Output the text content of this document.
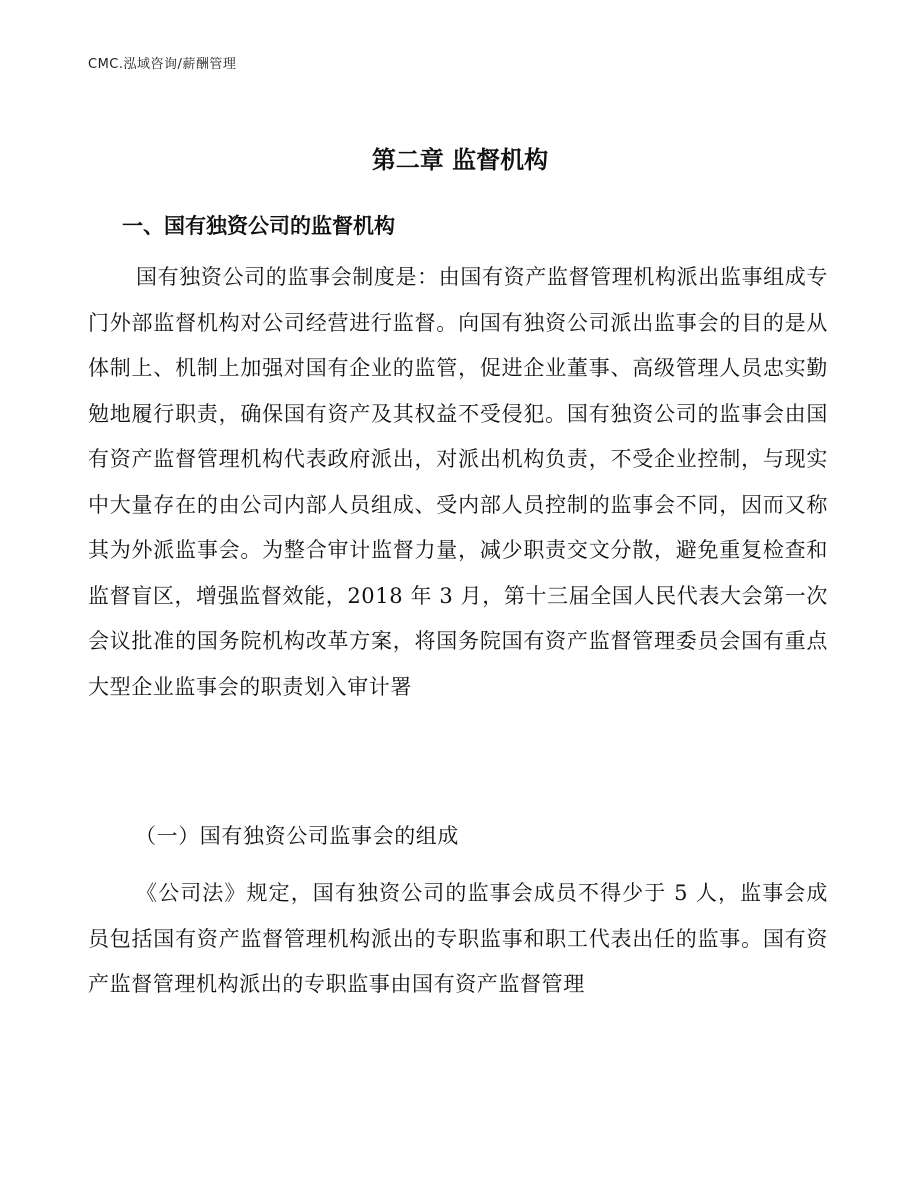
CMC.泓域咨询/薪酬管理
第二章 监督机构
一、国有独资公司的监督机构
国有独资公司的监事会制度是：由国有资产监督管理机构派出监事组成专门外部监督机构对公司经营进行监督。向国有独资公司派出监事会的目的是从体制上、机制上加强对国有企业的监管，促进企业董事、高级管理人员忠实勤勉地履行职责，确保国有资产及其权益不受侵犯。国有独资公司的监事会由国有资产监督管理机构代表政府派出，对派出机构负责，不受企业控制，与现实中大量存在的由公司内部人员组成、受内部人员控制的监事会不同，因而又称其为外派监事会。为整合审计监督力量，减少职责交文分散，避免重复检查和监督盲区，增强监督效能，2018 年 3 月，第十三届全国人民代表大会第一次会议批准的国务院机构改革方案，将国务院国有资产监督管理委员会国有重点大型企业监事会的职责划入审计署
（一）国有独资公司监事会的组成
《公司法》规定，国有独资公司的监事会成员不得少于 5 人，监事会成员包括国有资产监督管理机构派出的专职监事和职工代表出任的监事。国有资产监督管理机构派出的专职监事由国有资产监督管理
